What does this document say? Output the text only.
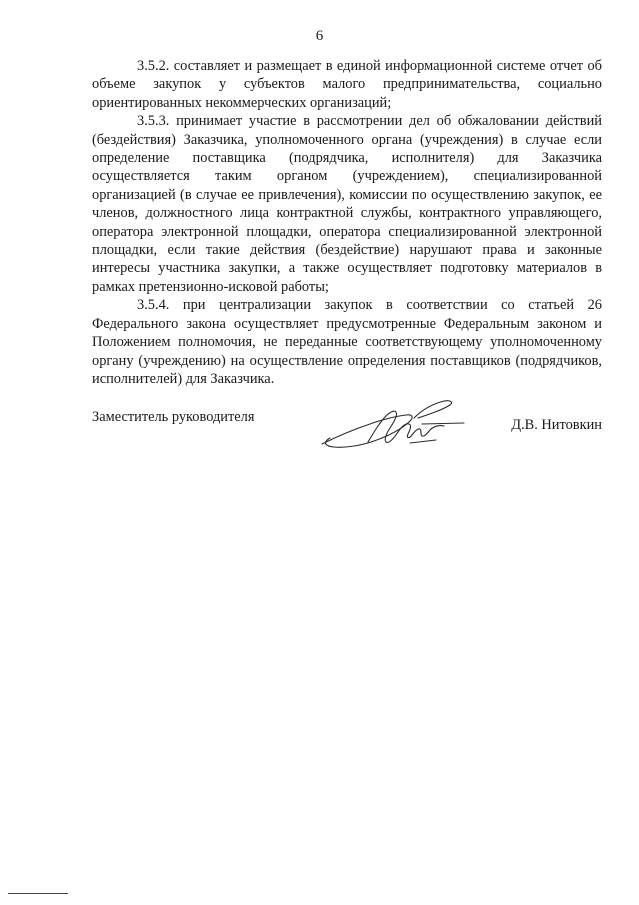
6

3.5.2. составляет и размещает в единой информационной системе отчет об объеме закупок у субъектов малого предпринимательства, социально ориентированных некоммерческих организаций;

3.5.3. принимает участие в рассмотрении дел об обжаловании действий (бездействия) Заказчика, уполномоченного органа (учреждения) в случае если определение поставщика (подрядчика, исполнителя) для Заказчика осуществляется таким органом (учреждением), специализированной организацией (в случае ее привлечения), комиссии по осуществлению закупок, ее членов, должностного лица контрактной службы, контрактного управляющего, оператора электронной площадки, оператора специализированной электронной площадки, если такие действия (бездействие) нарушают права и законные интересы участника закупки, а также осуществляет подготовку материалов в рамках претензионно-исковой работы;

3.5.4. при централизации закупок в соответствии со статьей 26 Федерального закона осуществляет предусмотренные Федеральным законом и Положением полномочия, не переданные соответствующему уполномоченному органу (учреждению) на осуществление определения поставщиков (подрядчиков, исполнителей) для Заказчика.

Заместитель руководителя	Д.В. Нитовкин
